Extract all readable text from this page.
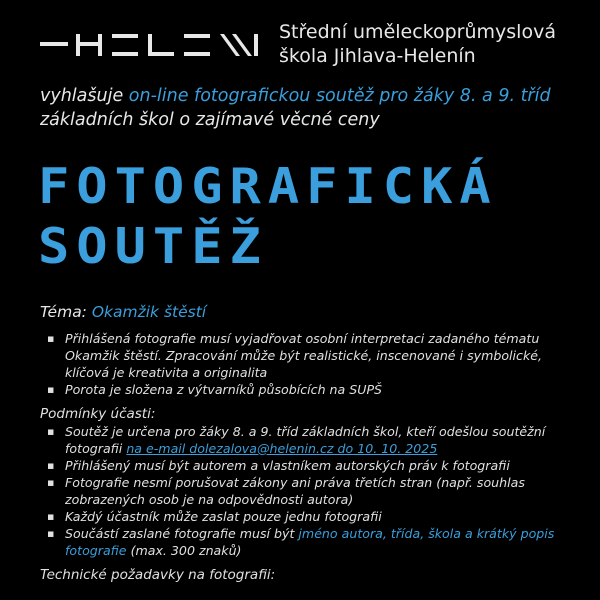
Střední uměleckoprůmyslová
škola Jihlava-Helenín
vyhlašuje on-line fotografickou soutěž pro žáky 8. a 9. tříd
základních škol o zajímavé věcné ceny
FOTOGRAFICKÁ
SOUTĚŽ
Téma: Okamžik štěstí
▪ Přihlášená fotografie musí vyjadřovat osobní interpretaci zadaného tématu Okamžik štěstí. Zpracování může být realistické, inscenované i symbolické, klíčová je kreativita a originalita
▪ Porota je složena z výtvarníků působících na SUPŠ
Podmínky účasti:
▪ Soutěž je určena pro žáky 8. a 9. tříd základních škol, kteří odešlou soutěžní fotografii na e-mail dolezalova@helenin.cz do 10. 10. 2025
▪ Přihlášený musí být autorem a vlastníkem autorských práv k fotografii
▪ Fotografie nesmí porušovat zákony ani práva třetích stran (např. souhlas zobrazených osob je na odpovědnosti autora)
▪ Každý účastník může zaslat pouze jednu fotografii
▪ Součástí zaslané fotografie musí být jméno autora, třída, škola a krátký popis fotografie (max. 300 znaků)
Technické požadavky na fotografii:
